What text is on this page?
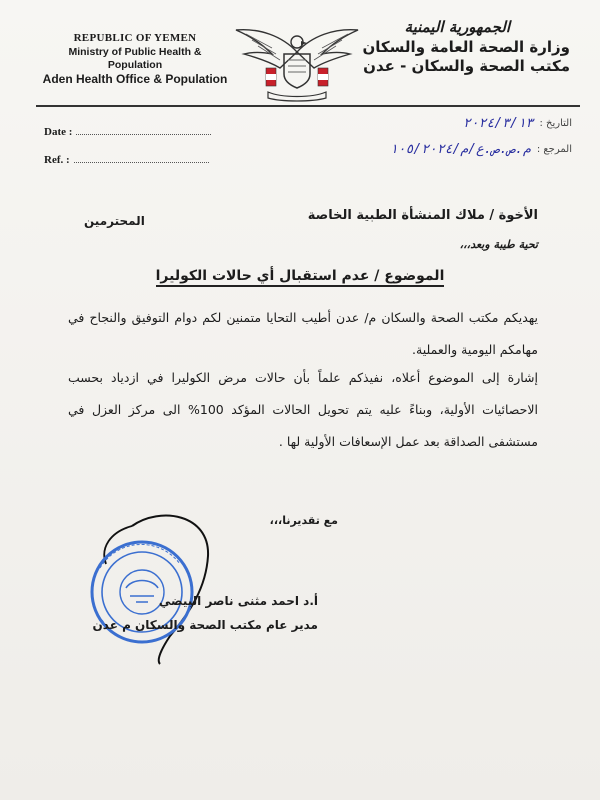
REPUBLIC OF YEMEN
Ministry of Public Health & Population
Aden Health Office & Population
الجمهورية اليمنية
وزارة الصحة العامة والسكان
مكتب الصحة والسكان - عدن
Date :
Ref. :
التاريخ :
٢٠٢٤/٣/١٣
المرجع :
م.ص.ص.ع/م/١٠٥/٢٠٢٤
الأخوة / ملاك المنشأة الطبية الخاصة
المحترمين
تحية طيبة وبعد،،،
الموضوع / عدم استقبال أي حالات الكوليرا
يهديكم مكتب الصحة والسكان م/ عدن أطيب التحايا متمنين لكم دوام التوفيق والنجاح في مهامكم اليومية والعملية.
إشارة إلى الموضوع أعلاه، نفيذكم علماً بأن حالات مرض الكوليرا في ازدياد بحسب الاحصائيات الأولية، وبناءً عليه يتم تحويل الحالات المؤكد 100% الى مركز العزل في مستشفى الصداقة بعد عمل الإسعافات الأولية لها .
مع تقديرنا،،،
أ.د احمد مثنى ناصر البيضي
مدير عام مكتب الصحة والسكان م عدن
